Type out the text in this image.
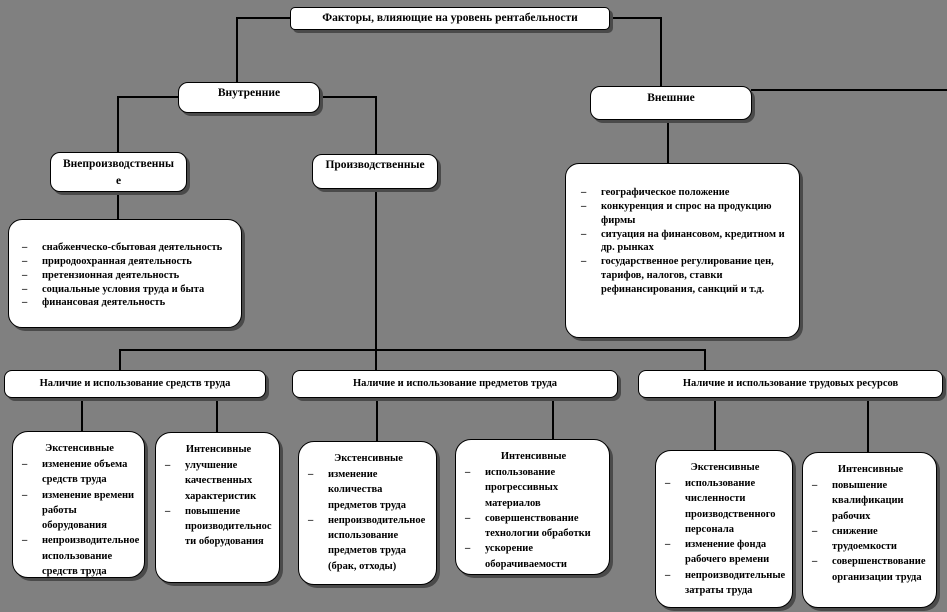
Факторы, влияющие на уровень рентабельности
Внутренние	Внешние
Внепроизводственные
Производственные
–	снабженческо-сбытовая деятельность
–	природоохранная деятельность
–	претензионная деятельность
–	социальные условия труда и быта
–	финансовая деятельность
–	географическое положение
–	конкуренция и спрос на продукцию фирмы
–	ситуация на финансовом, кредитном и др. рынках
–	государственное регулирование цен, тарифов, налогов, ставки рефинансирования, санкций и т.д.
Наличие и использование средств труда	Наличие и использование предметов труда	Наличие и использование трудовых ресурсов
Экстенсивные
–	изменение объема средств труда
–	изменение времени работы оборудования
–	непроизводительное использование средств труда
Интенсивные
–	улучшение качественных характеристик
–	повышение производительности оборудования
Экстенсивные
–	изменение количества предметов труда
–	непроизводительное использование предметов труда (брак, отходы)
Интенсивные
–	использование прогрессивных материалов
–	совершенствование технологии обработки
–	ускорение оборачиваемости
Экстенсивные
–	использование численности производственного персонала
–	изменение фонда рабочего времени
–	непроизводительные затраты труда
Интенсивные
–	повышение квалификации рабочих
–	снижение трудоемкости
–	совершенствование организации труда
